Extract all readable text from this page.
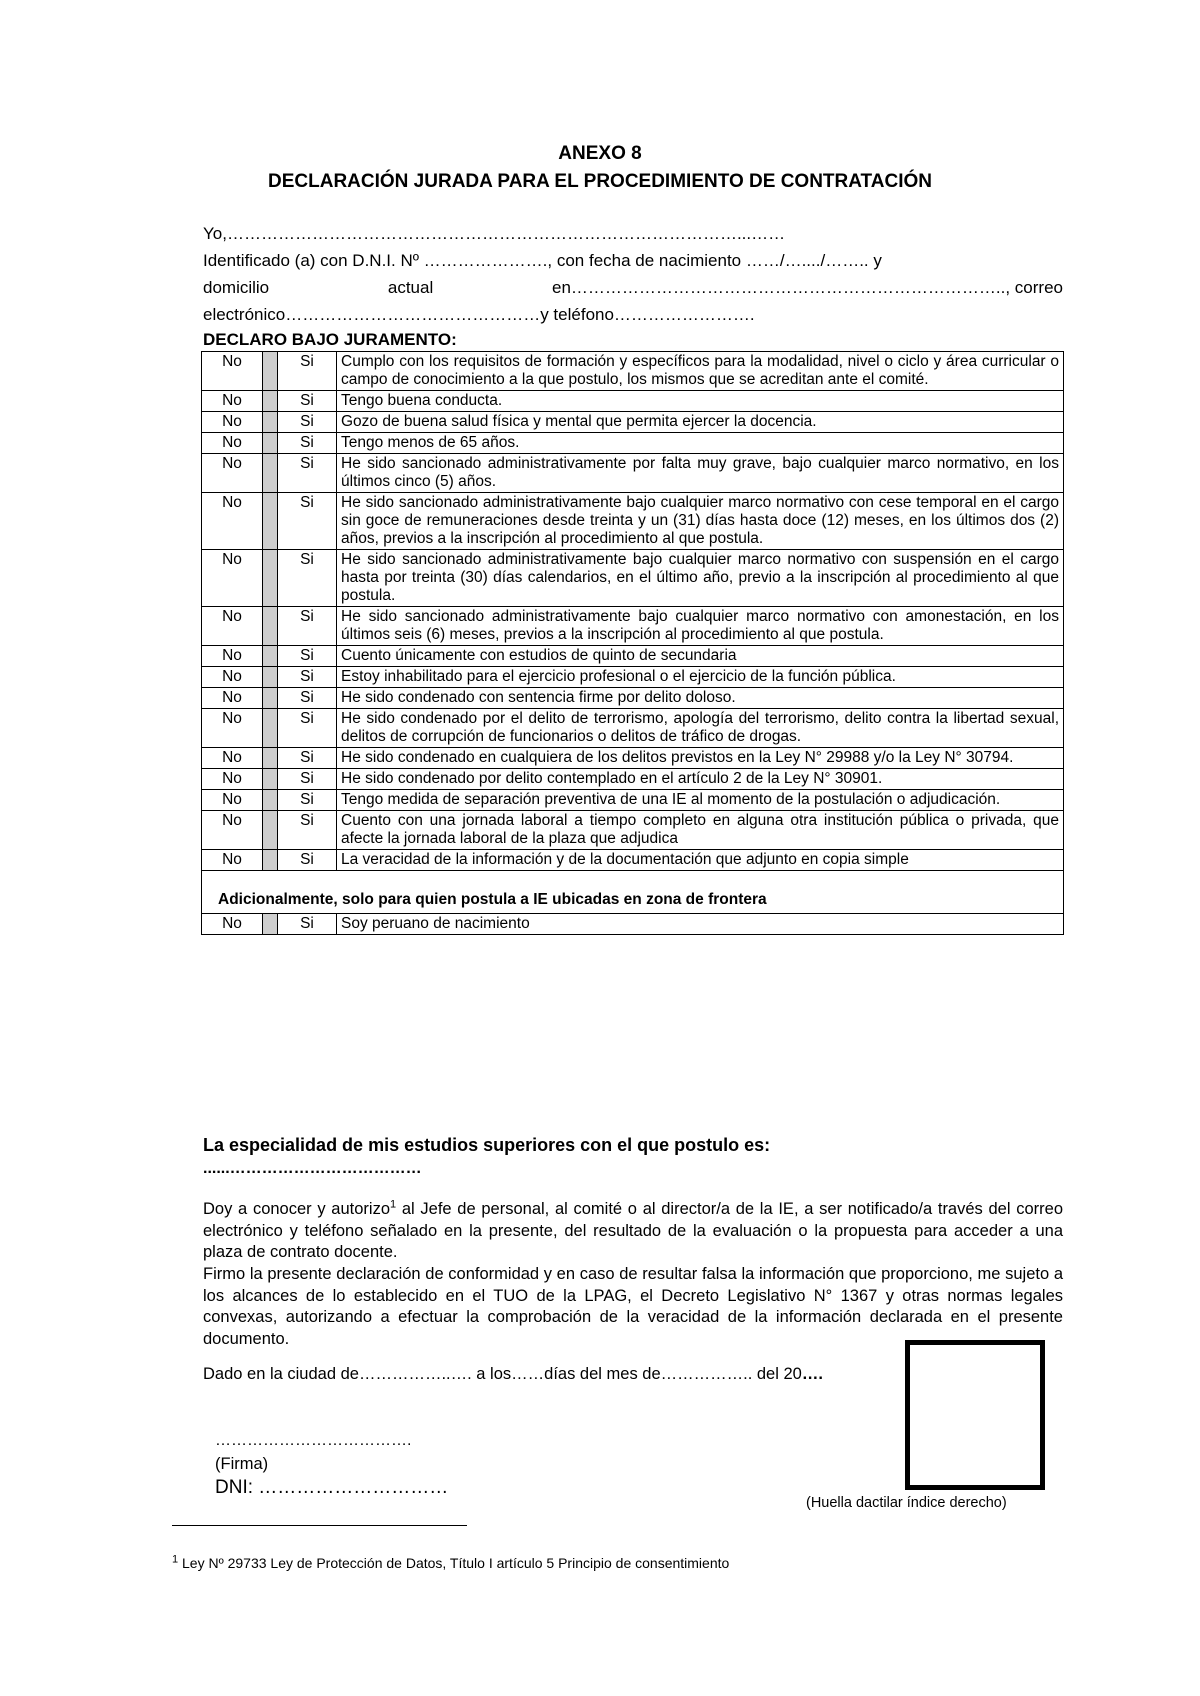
ANEXO 8
DECLARACIÓN JURADA PARA EL PROCEDIMIENTO DE CONTRATACIÓN
Yo,………………………………………………………………………………...……
Identificado (a) con D.N.I. Nº …………………., con fecha de nacimiento ……/…..../…….. y
domicilio	actual	en………………………………………………………………….., correo
electrónico………………………………………y teléfono…………………….
DECLARO BAJO JURAMENTO:
No		Si	Cumplo con los requisitos de formación y específicos para la modalidad, nivel o ciclo y área curricular o campo de conocimiento a la que postulo, los mismos que se acreditan ante el comité.
No		Si	Tengo buena conducta.
No		Si	Gozo de buena salud física y mental que permita ejercer la docencia.
No		Si	Tengo menos de 65 años.
No		Si	He sido sancionado administrativamente por falta muy grave, bajo cualquier marco normativo, en los últimos cinco (5) años.
No		Si	He sido sancionado administrativamente bajo cualquier marco normativo con cese temporal en el cargo sin goce de remuneraciones desde treinta y un (31) días hasta doce (12) meses, en los últimos dos (2) años, previos a la inscripción al procedimiento al que postula.
No		Si	He sido sancionado administrativamente bajo cualquier marco normativo con suspensión en el cargo hasta por treinta (30) días calendarios, en el último año, previo a la inscripción al procedimiento al que postula.
No		Si	He sido sancionado administrativamente bajo cualquier marco normativo con amonestación, en los últimos seis (6) meses, previos a la inscripción al procedimiento al que postula.
No		Si	Cuento únicamente con estudios de quinto de secundaria
No		Si	Estoy inhabilitado para el ejercicio profesional o el ejercicio de la función pública.
No		Si	He sido condenado con sentencia firme por delito doloso.
No		Si	He sido condenado por el delito de terrorismo, apología del terrorismo, delito contra la libertad sexual, delitos de corrupción de funcionarios o delitos de tráfico de drogas.
No		Si	He sido condenado en cualquiera de los delitos previstos en la Ley N° 29988 y/o la Ley N° 30794.
No		Si	He sido condenado por delito contemplado en el artículo 2 de la Ley N° 30901.
No		Si	Tengo medida de separación preventiva de una IE al momento de la postulación o adjudicación.
No		Si	Cuento con una jornada laboral a tiempo completo en alguna otra institución pública o privada, que afecte la jornada laboral de la plaza que adjudica
No		Si	La veracidad de la información y de la documentación que adjunto en copia simple
Adicionalmente, solo para quien postula a IE ubicadas en zona de frontera			
No		Si	Soy peruano de nacimiento
La especialidad de mis estudios superiores con el que postulo es:
......………………………………
Doy a conocer y autorizo$^1$ al Jefe de personal, al comité o al director/a de la IE, a ser notificado/a través del correo electrónico y teléfono señalado en la presente, del resultado de la evaluación o la propuesta para acceder a una plaza de contrato docente.
Firmo la presente declaración de conformidad y en caso de resultar falsa la información que proporciono, me sujeto a los alcances de lo establecido en el TUO de la LPAG, el Decreto Legislativo N° 1367 y otras normas legales convexas, autorizando a efectuar la comprobación de la veracidad de la información declarada en el presente documento.
Dado en la ciudad de……………..…. a los……días del mes de…………….. del 20….
(Huella dactilar índice derecho)
……………………………….
(Firma)
DNI: …………………………
$^1$ Ley Nº 29733 Ley de Protección de Datos, Título I artículo 5 Principio de consentimiento
